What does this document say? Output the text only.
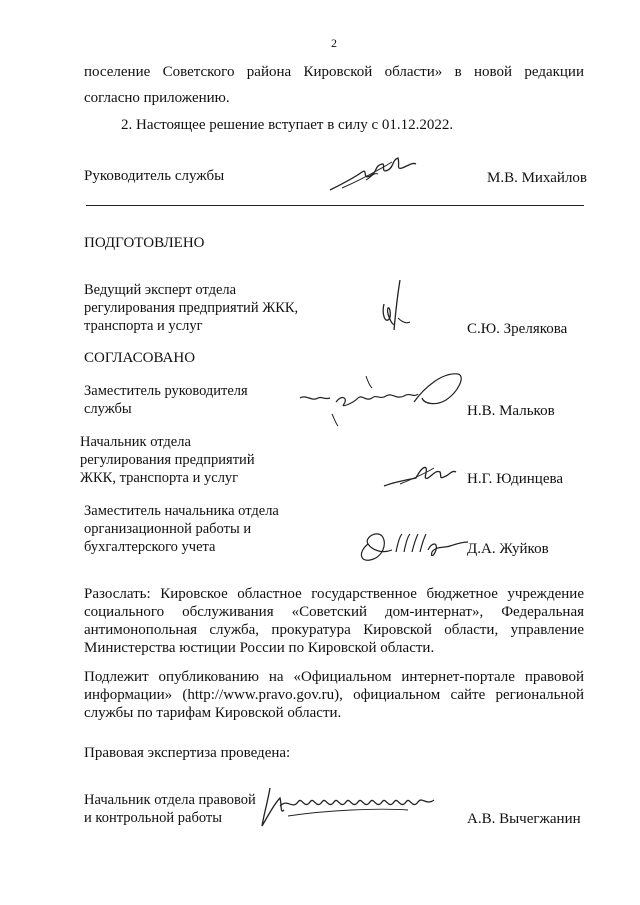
2
поселение Советского района Кировской области» в новой редакции
согласно приложению.
2. Настоящее решение вступает в силу с 01.12.2022.
Руководитель службы	М.В. Михайлов
ПОДГОТОВЛЕНО
Ведущий эксперт отдела
регулирования предприятий ЖКК,
транспорта и услуг	С.Ю. Зрелякова
СОГЛАСОВАНО
Заместитель руководителя
службы	Н.В. Мальков
Начальник отдела
регулирования предприятий
ЖКК, транспорта и услуг	Н.Г. Юдинцева
Заместитель начальника отдела
организационной работы и
бухгалтерского учета	Д.А. Жуйков
Разослать: Кировское областное государственное бюджетное учреждение
социального обслуживания «Советский дом-интернат», Федеральная
антимонопольная служба, прокуратура Кировской области, управление
Министерства юстиции России по Кировской области.
Подлежит опубликованию на «Официальном интернет-портале правовой
информации» (http://www.pravo.gov.ru), официальном сайте региональной
службы по тарифам Кировской области.
Правовая экспертиза проведена:
Начальник отдела правовой
и контрольной работы	А.В. Вычегжанин
